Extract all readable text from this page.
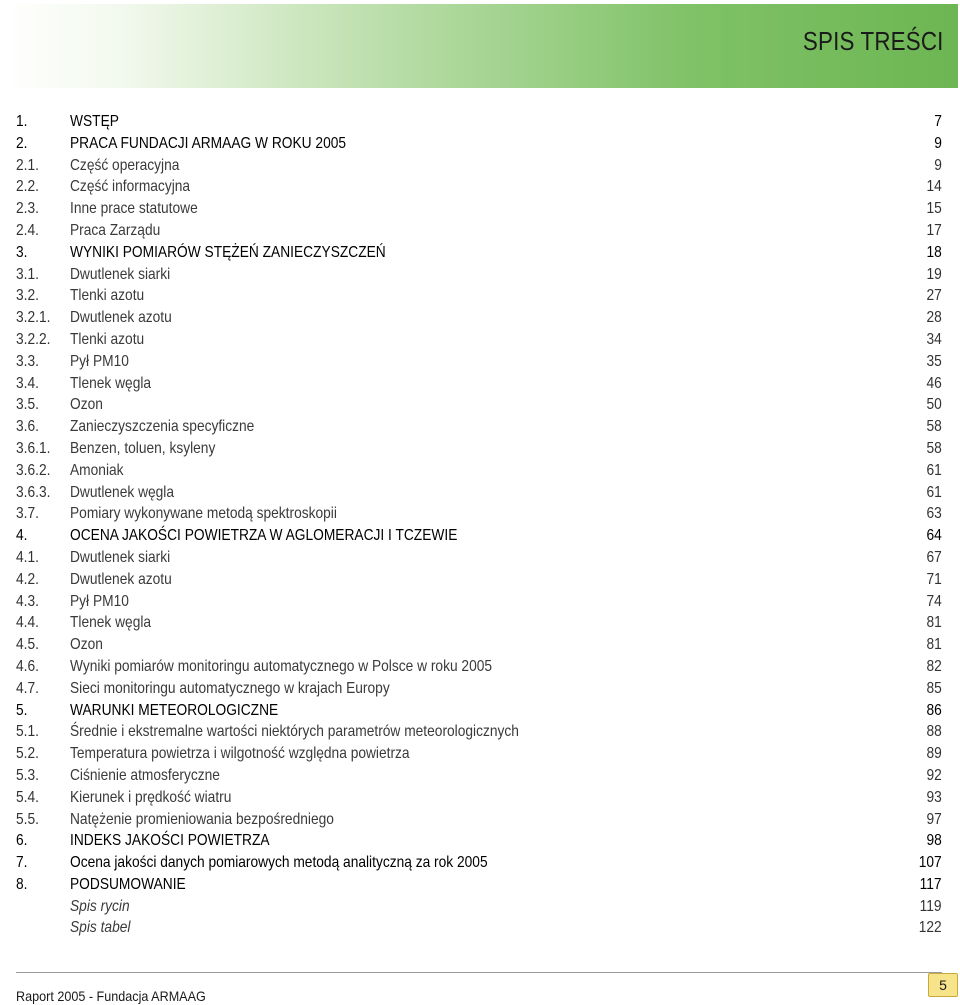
SPIS TREŚCI
1.	WSTĘP	7
2.	PRACA FUNDACJI ARMAAG W ROKU 2005	9
2.1. Część operacyjna	9
2.2. Część informacyjna	14
2.3. Inne prace statutowe	15
2.4. Praca Zarządu	17
3.	WYNIKI POMIARÓW STĘŻEŃ ZANIECZYSZCZEŃ	18
3.1. Dwutlenek siarki	19
3.2. Tlenki azotu	27
3.2.1.	Dwutlenek azotu	28
3.2.2.	Tlenki azotu	34
3.3. Pył PM10	35
3.4. Tlenek węgla	46
3.5. Ozon	50
3.6. Zanieczyszczenia specyficzne	58
3.6.1.	Benzen, toluen, ksyleny	58
3.6.2.	Amoniak	61
3.6.3.	Dwutlenek węgla	61
3.7. Pomiary wykonywane metodą spektroskopii	63
4.	OCENA JAKOŚCI POWIETRZA W AGLOMERACJI I TCZEWIE	64
4.1. Dwutlenek siarki	67
4.2. Dwutlenek azotu	71
4.3. Pył PM10	74
4.4. Tlenek węgla	81
4.5. Ozon	81
4.6. Wyniki pomiarów monitoringu automatycznego w Polsce w roku 2005	82
4.7. Sieci monitoringu automatycznego w krajach Europy	85
5.	WARUNKI METEOROLOGICZNE	86
5.1. Średnie i ekstremalne wartości niektórych parametrów meteorologicznych	88
5.2. Temperatura powietrza i wilgotność względna powietrza	89
5.3. Ciśnienie atmosferyczne	92
5.4. Kierunek i prędkość wiatru	93
5.5. Natężenie promieniowania bezpośredniego	97
6.	INDEKS JAKOŚCI POWIETRZA	98
7.	Ocena jakości danych pomiarowych metodą analityczną za rok 2005	107
8.	PODSUMOWANIE	117
Spis rycin	119
Spis tabel	122
Raport 2005 - Fundacja ARMAAG
5
